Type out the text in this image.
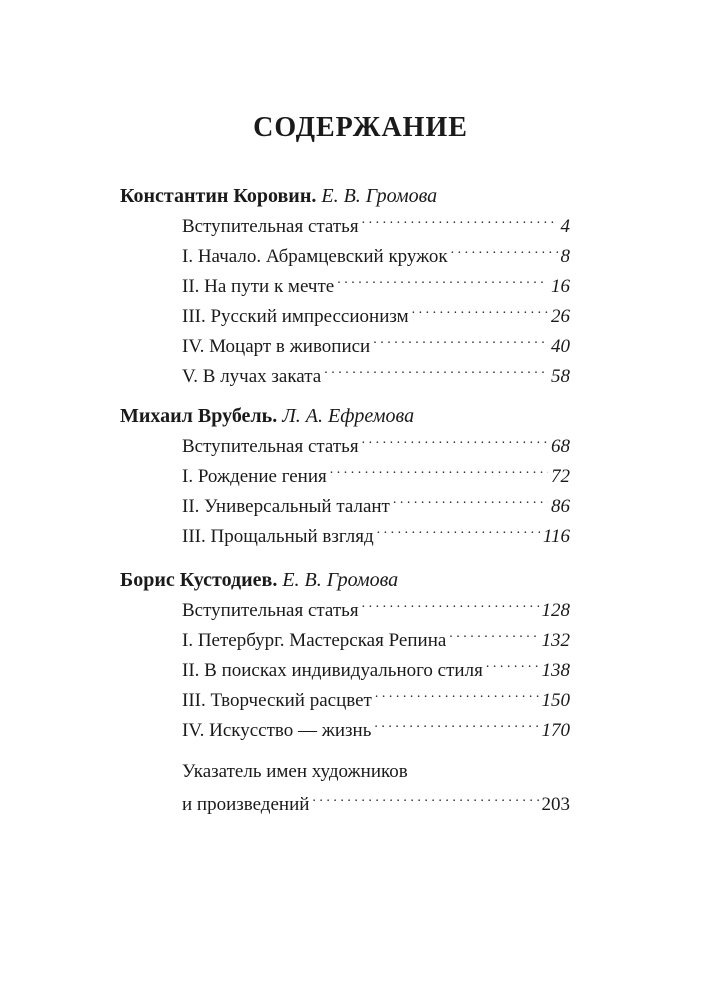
СОДЕРЖАНИЕ
Константин Коровин. Е. В. Громова
Вступительная статья . . .	4
I. Начало. Абрамцевский кружок . . .	8
II. На пути к мечте . . .	16
III. Русский импрессионизм . . .	26
IV. Моцарт в живописи . . .	40
V. В лучах заката . . .	58
Михаил Врубель. Л. А. Ефремова
Вступительная статья . . .	68
I. Рождение гения . . .	72
II. Универсальный талант . . .	86
III. Прощальный взгляд . . .	116
Борис Кустодиев. Е. В. Громова
Вступительная статья . . .	128
I. Петербург. Мастерская Репина . . .	132
II. В поисках индивидуального стиля . . .	138
III. Творческий расцвет . . .	150
IV. Искусство — жизнь . . .	170
Указатель имен художников
и произведений . . .	203
